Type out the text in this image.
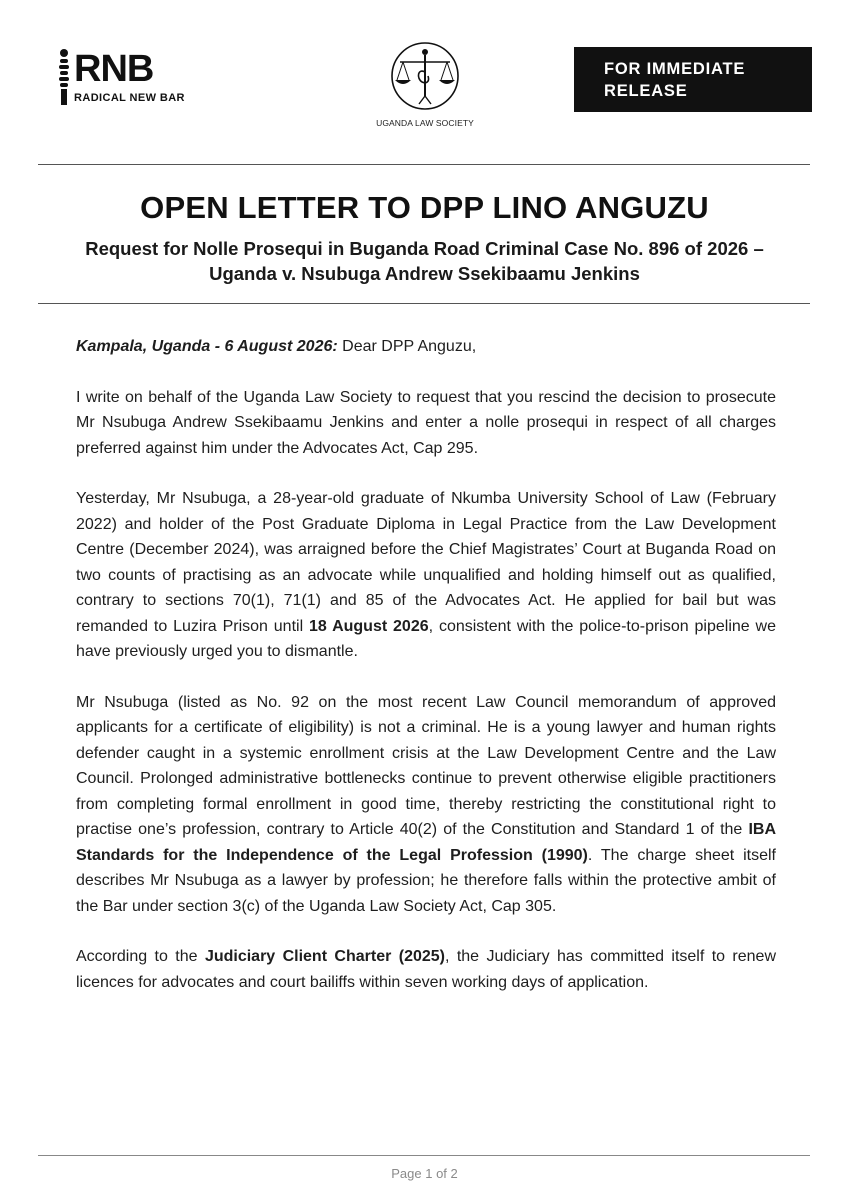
RNB
RADICAL NEW BAR
UGANDA LAW SOCIETY
FOR IMMEDIATE
RELEASE
OPEN LETTER TO DPP LINO ANGUZU
Request for Nolle Prosequi in Buganda Road Criminal Case No. 896 of 2026 – Uganda v. Nsubuga Andrew Ssekibaamu Jenkins

Kampala, Uganda - 6 August 2026: Dear DPP Anguzu,

I write on behalf of the Uganda Law Society to request that you rescind the decision to prosecute Mr Nsubuga Andrew Ssekibaamu Jenkins and enter a nolle prosequi in respect of all charges preferred against him under the Advocates Act, Cap 295.

Yesterday, Mr Nsubuga, a 28-year-old graduate of Nkumba University School of Law (February 2022) and holder of the Post Graduate Diploma in Legal Practice from the Law Development Centre (December 2024), was arraigned before the Chief Magistrates’ Court at Buganda Road on two counts of practising as an advocate while unqualified and holding himself out as qualified, contrary to sections 70(1), 71(1) and 85 of the Advocates Act. He applied for bail but was remanded to Luzira Prison until 18 August 2026, consistent with the police-to-prison pipeline we have previously urged you to dismantle.

Mr Nsubuga (listed as No. 92 on the most recent Law Council memorandum of approved applicants for a certificate of eligibility) is not a criminal. He is a young lawyer and human rights defender caught in a systemic enrollment crisis at the Law Development Centre and the Law Council. Prolonged administrative bottlenecks continue to prevent otherwise eligible practitioners from completing formal enrollment in good time, thereby restricting the constitutional right to practise one’s profession, contrary to Article 40(2) of the Constitution and Standard 1 of the IBA Standards for the Independence of the Legal Profession (1990). The charge sheet itself describes Mr Nsubuga as a lawyer by profession; he therefore falls within the protective ambit of the Bar under section 3(c) of the Uganda Law Society Act, Cap 305.

According to the Judiciary Client Charter (2025), the Judiciary has committed itself to renew licences for advocates and court bailiffs within seven working days of application.

Page 1 of 2
